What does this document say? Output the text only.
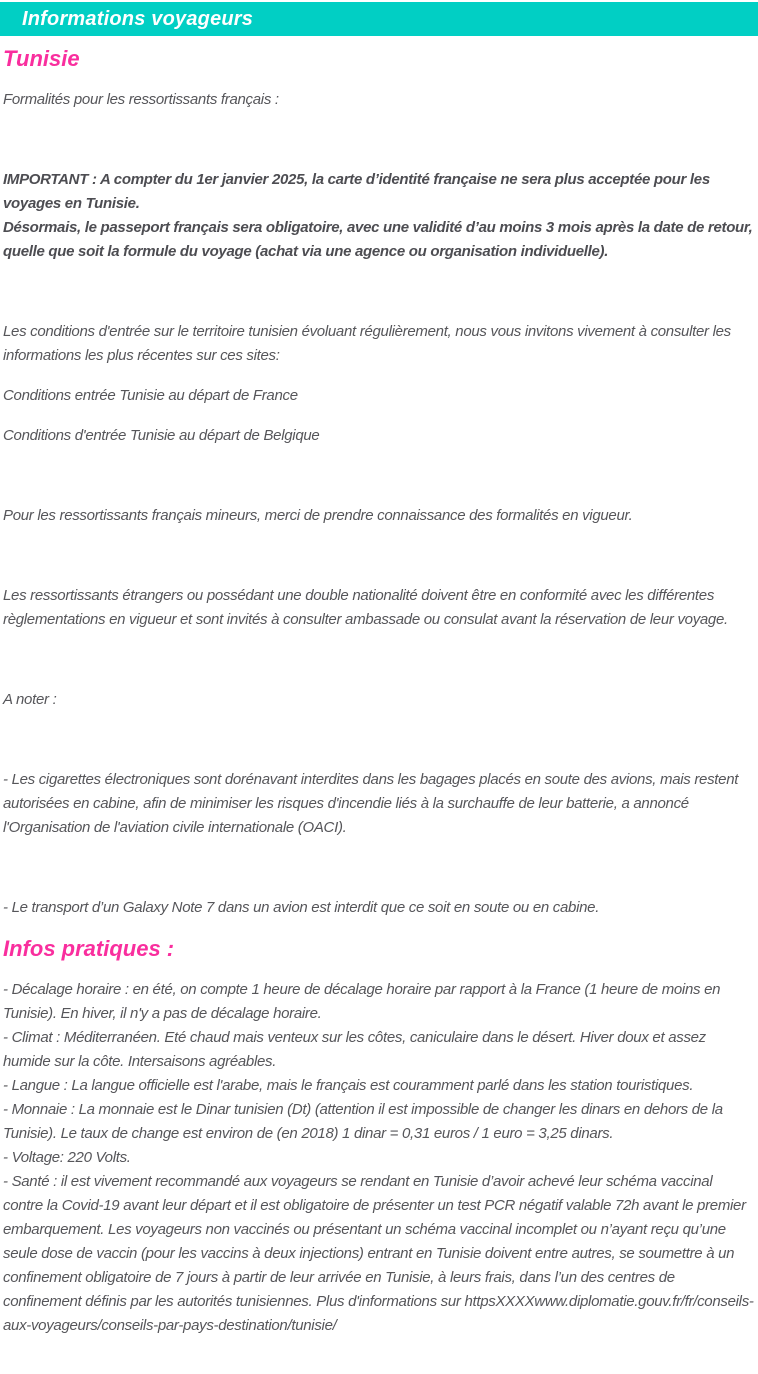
Informations voyageurs
Tunisie

Formalités pour les ressortissants français :

IMPORTANT : A compter du 1er janvier 2025, la carte d’identité française ne sera plus acceptée pour les voyages en Tunisie.
Désormais, le passeport français sera obligatoire, avec une validité d’au moins 3 mois après la date de retour, quelle que soit la formule du voyage (achat via une agence ou organisation individuelle).

Les conditions d'entrée sur le territoire tunisien évoluant régulièrement, nous vous invitons vivement à consulter les informations les plus récentes sur ces sites:

Conditions entrée Tunisie au départ de France

Conditions d'entrée Tunisie au départ de Belgique

Pour les ressortissants français mineurs, merci de prendre connaissance des formalités en vigueur.

Les ressortissants étrangers ou possédant une double nationalité doivent être en conformité avec les différentes règlementations en vigueur et sont invités à consulter ambassade ou consulat avant la réservation de leur voyage.

A noter :

- Les cigarettes électroniques sont dorénavant interdites dans les bagages placés en soute des avions, mais restent autorisées en cabine, afin de minimiser les risques d'incendie liés à la surchauffe de leur batterie, a annoncé l'Organisation de l'aviation civile internationale (OACI).

- Le transport d’un Galaxy Note 7 dans un avion est interdit que ce soit en soute ou en cabine.

Infos pratiques :

- Décalage horaire : en été, on compte 1 heure de décalage horaire par rapport à la France (1 heure de moins en Tunisie). En hiver, il n'y a pas de décalage horaire.
- Climat : Méditerranéen. Eté chaud mais venteux sur les côtes, caniculaire dans le désert. Hiver doux et assez humide sur la côte. Intersaisons agréables.
- Langue : La langue officielle est l'arabe, mais le français est couramment parlé dans les station touristiques.
- Monnaie : La monnaie est le Dinar tunisien (Dt) (attention il est impossible de changer les dinars en dehors de la Tunisie). Le taux de change est environ de (en 2018) 1 dinar = 0,31 euros / 1 euro = 3,25 dinars.
- Voltage: 220 Volts.
- Santé : il est vivement recommandé aux voyageurs se rendant en Tunisie d’avoir achevé leur schéma vaccinal contre la Covid-19 avant leur départ et il est obligatoire de présenter un test PCR négatif valable 72h avant le premier embarquement. Les voyageurs non vaccinés ou présentant un schéma vaccinal incomplet ou n’ayant reçu qu’une seule dose de vaccin (pour les vaccins à deux injections) entrant en Tunisie doivent entre autres, se soumettre à un confinement obligatoire de 7 jours à partir de leur arrivée en Tunisie, à leurs frais, dans l’un des centres de confinement définis par les autorités tunisiennes. Plus d'informations sur httpsXXXXwww.diplomatie.gouv.fr/fr/conseils-aux-voyageurs/conseils-par-pays-destination/tunisie/
